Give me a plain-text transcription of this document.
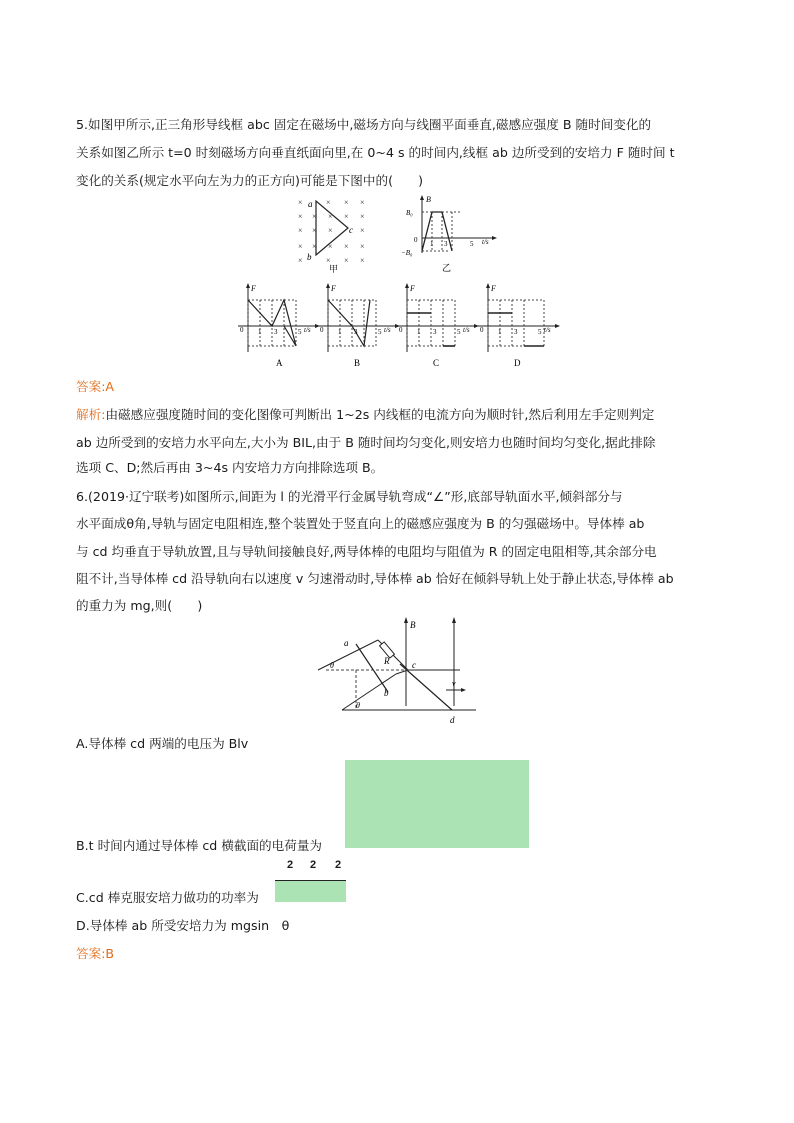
5.如图甲所示,正三角形导线框 abc 固定在磁场中,磁场方向与线圈平面垂直,磁感应强度 B 随时间变化的
关系如图乙所示 t=0 时刻磁场方向垂直纸面向里,在 0~4 s 的时间内,线框 ab 边所受到的安培力 F 随时间 t
变化的关系(规定水平向左为力的正方向)可能是下图中的(　　)
×	× × ×
× × × × ×
× × ×	×
× × × × ×
× × ×
×
a
b
c
甲
B
B₀
−B₀
0 1 3	5 t/s
乙
F
0 1 3	5 t/s
A
F
0 1 3	5 t/s
B
F
0 1 3	5 t/s
C
F
0 1 3	5 t/s
D
答案:A
解析:由磁感应强度随时间的变化图像可判断出 1~2s 内线框的电流方向为顺时针,然后利用左手定则判定
ab 边所受到的安培力水平向左,大小为 BIL,由于 B 随时间均匀变化,则安培力也随时间均匀变化,据此排除
选项 C、D;然后再由 3~4s 内安培力方向排除选项 B。
6.(2019·辽宁联考)如图所示,间距为 l 的光滑平行金属导轨弯成“∠”形,底部导轨面水平,倾斜部分与
水平面成θ角,导轨与固定电阻相连,整个装置处于竖直向上的磁感应强度为 B 的匀强磁场中。导体棒 ab
与 cd 均垂直于导轨放置,且与导轨间接触良好,两导体棒的电阻均与阻值为 R 的固定电阻相等,其余部分电
阻不计,当导体棒 cd 沿导轨向右以速度 v 匀速滑动时,导体棒 ab 恰好在倾斜导轨上处于静止状态,导体棒 ab
的重力为 mg,则(　　)
a
b
c
d
R
B
v
θ
θ
A.导体棒 cd 两端的电压为 Blv
B.t 时间内通过导体棒 cd 横截面的电荷量为
2 2 2
C.cd 棒克服安培力做功的功率为
D.导体棒 ab 所受安培力为 mgsin　θ
答案:B
